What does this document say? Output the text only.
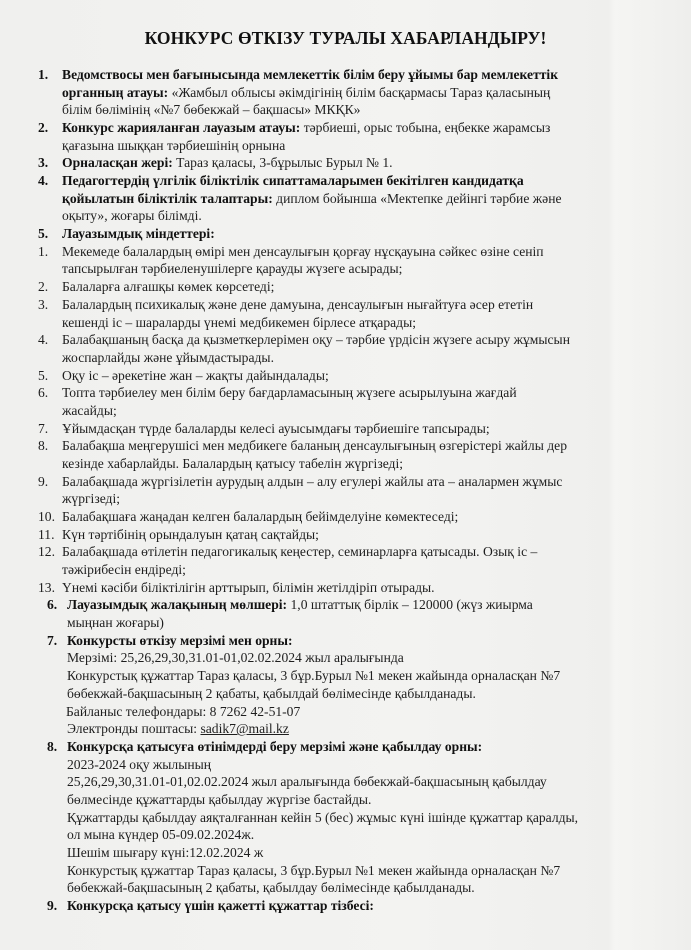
КОНКУРС ӨТКІЗУ ТУРАЛЫ ХАБАРЛАНДЫРУ!
1. Ведомствосы мен бағынысында мемлекеттік білім беру ұйымы бар мемлекеттік
органның атауы: «Жамбыл облысы әкімдігінің білім басқармасы Тараз қаласының
білім бөлімінің «№7 бөбекжай – бақшасы» МКҚК»
2. Конкурс жарияланған лауазым атауы: тәрбиеші, орыс тобына, еңбекке жарамсыз
қағазына шыққан тәрбиешінің орнына
3. Орналасқан жері: Тараз қаласы, 3-бұрылыс Бурыл № 1.
4. Педагогтердің үлгілік біліктілік сипаттамаларымен бекітілген кандидатқа
қойылатын біліктілік талаптары: диплом бойынша «Мектепке дейінгі тәрбие және
оқыту», жоғары білімді.
5. Лауазымдық міндеттері:
1. Мекемеде балалардың өмірі мен денсаулығын қорғау нұсқауына сәйкес өзіне сеніп
тапсырылған тәрбиеленушілерге қарауды жүзеге асырады;
2. Балаларға алғашқы көмек көрсетеді;
3. Балалардың психикалық және дене дамуына, денсаулығын нығайтуға әсер ететін
кешенді іс – шараларды үнемі медбикемен бірлесе атқарады;
4. Балабақшаның басқа да қызметкерлерімен оқу – тәрбие үрдісін жүзеге асыру жұмысын
жоспарлайды және ұйымдастырады.
5. Оқу іс – әрекетіне жан – жақты дайындалады;
6. Топта тәрбиелеу мен білім беру бағдарламасының жүзеге асырылуына жағдай
жасайды;
7. Ұйымдасқан түрде балаларды келесі ауысымдағы тәрбиешіге тапсырады;
8. Балабақша меңгерушісі мен медбикеге баланың денсаулығының өзгерістері жайлы дер
кезінде хабарлайды. Балалардың қатысу табелін жүргізеді;
9. Балабақшада жүргізілетін аурудың алдын – алу егулері жайлы ата – аналармен жұмыс
жүргізеді;
10. Балабақшаға жаңадан келген балалардың бейімделуіне көмектеседі;
11. Күн тәртібінің орындалуын қатаң сақтайды;
12. Балабақшада өтілетін педагогикалық кеңестер, семинарларға қатысады. Озық іс –
тәжірибесін ендіреді;
13. Үнемі кәсіби біліктілігін арттырып, білімін жетілдіріп отырады.
6. Лауазымдық жалақының мөлшері: 1,0 штаттық бірлік – 120000 (жүз жиырма
мыңнан жоғары)
7. Конкурсты өткізу мерзімі мен орны:
Мерзімі: 25,26,29,30,31.01-01,02.02.2024 жыл аралығында
Конкурстық құжаттар Тараз қаласы, 3 бұр.Бурыл №1 мекен жайында орналасқан №7
бөбекжай-бақшасының 2 қабаты, қабылдай бөлімесінде қабылданады.
Байланыс телефондары: 8 7262 42-51-07
Электронды поштасы: sadik7@mail.kz
8. Конкурсқа қатысуға өтінімдерді беру мерзімі және қабылдау орны:
2023-2024 оқу жылының
25,26,29,30,31.01-01,02.02.2024 жыл аралығында бөбекжай-бақшасының қабылдау
бөлмесінде құжаттарды қабылдау жүргізе бастайды.
Құжаттарды қабылдау аяқталғаннан кейін 5 (бес) жұмыс күні ішінде құжаттар қаралды,
ол мына күндер 05-09.02.2024ж.
Шешім шығару күні:12.02.2024 ж
Конкурстық құжаттар Тараз қаласы, 3 бұр.Бурыл №1 мекен жайында орналасқан №7
бөбекжай-бақшасының 2 қабаты, қабылдау бөлімесінде қабылданады.
9. Конкурсқа қатысу үшін қажетті құжаттар тізбесі:
